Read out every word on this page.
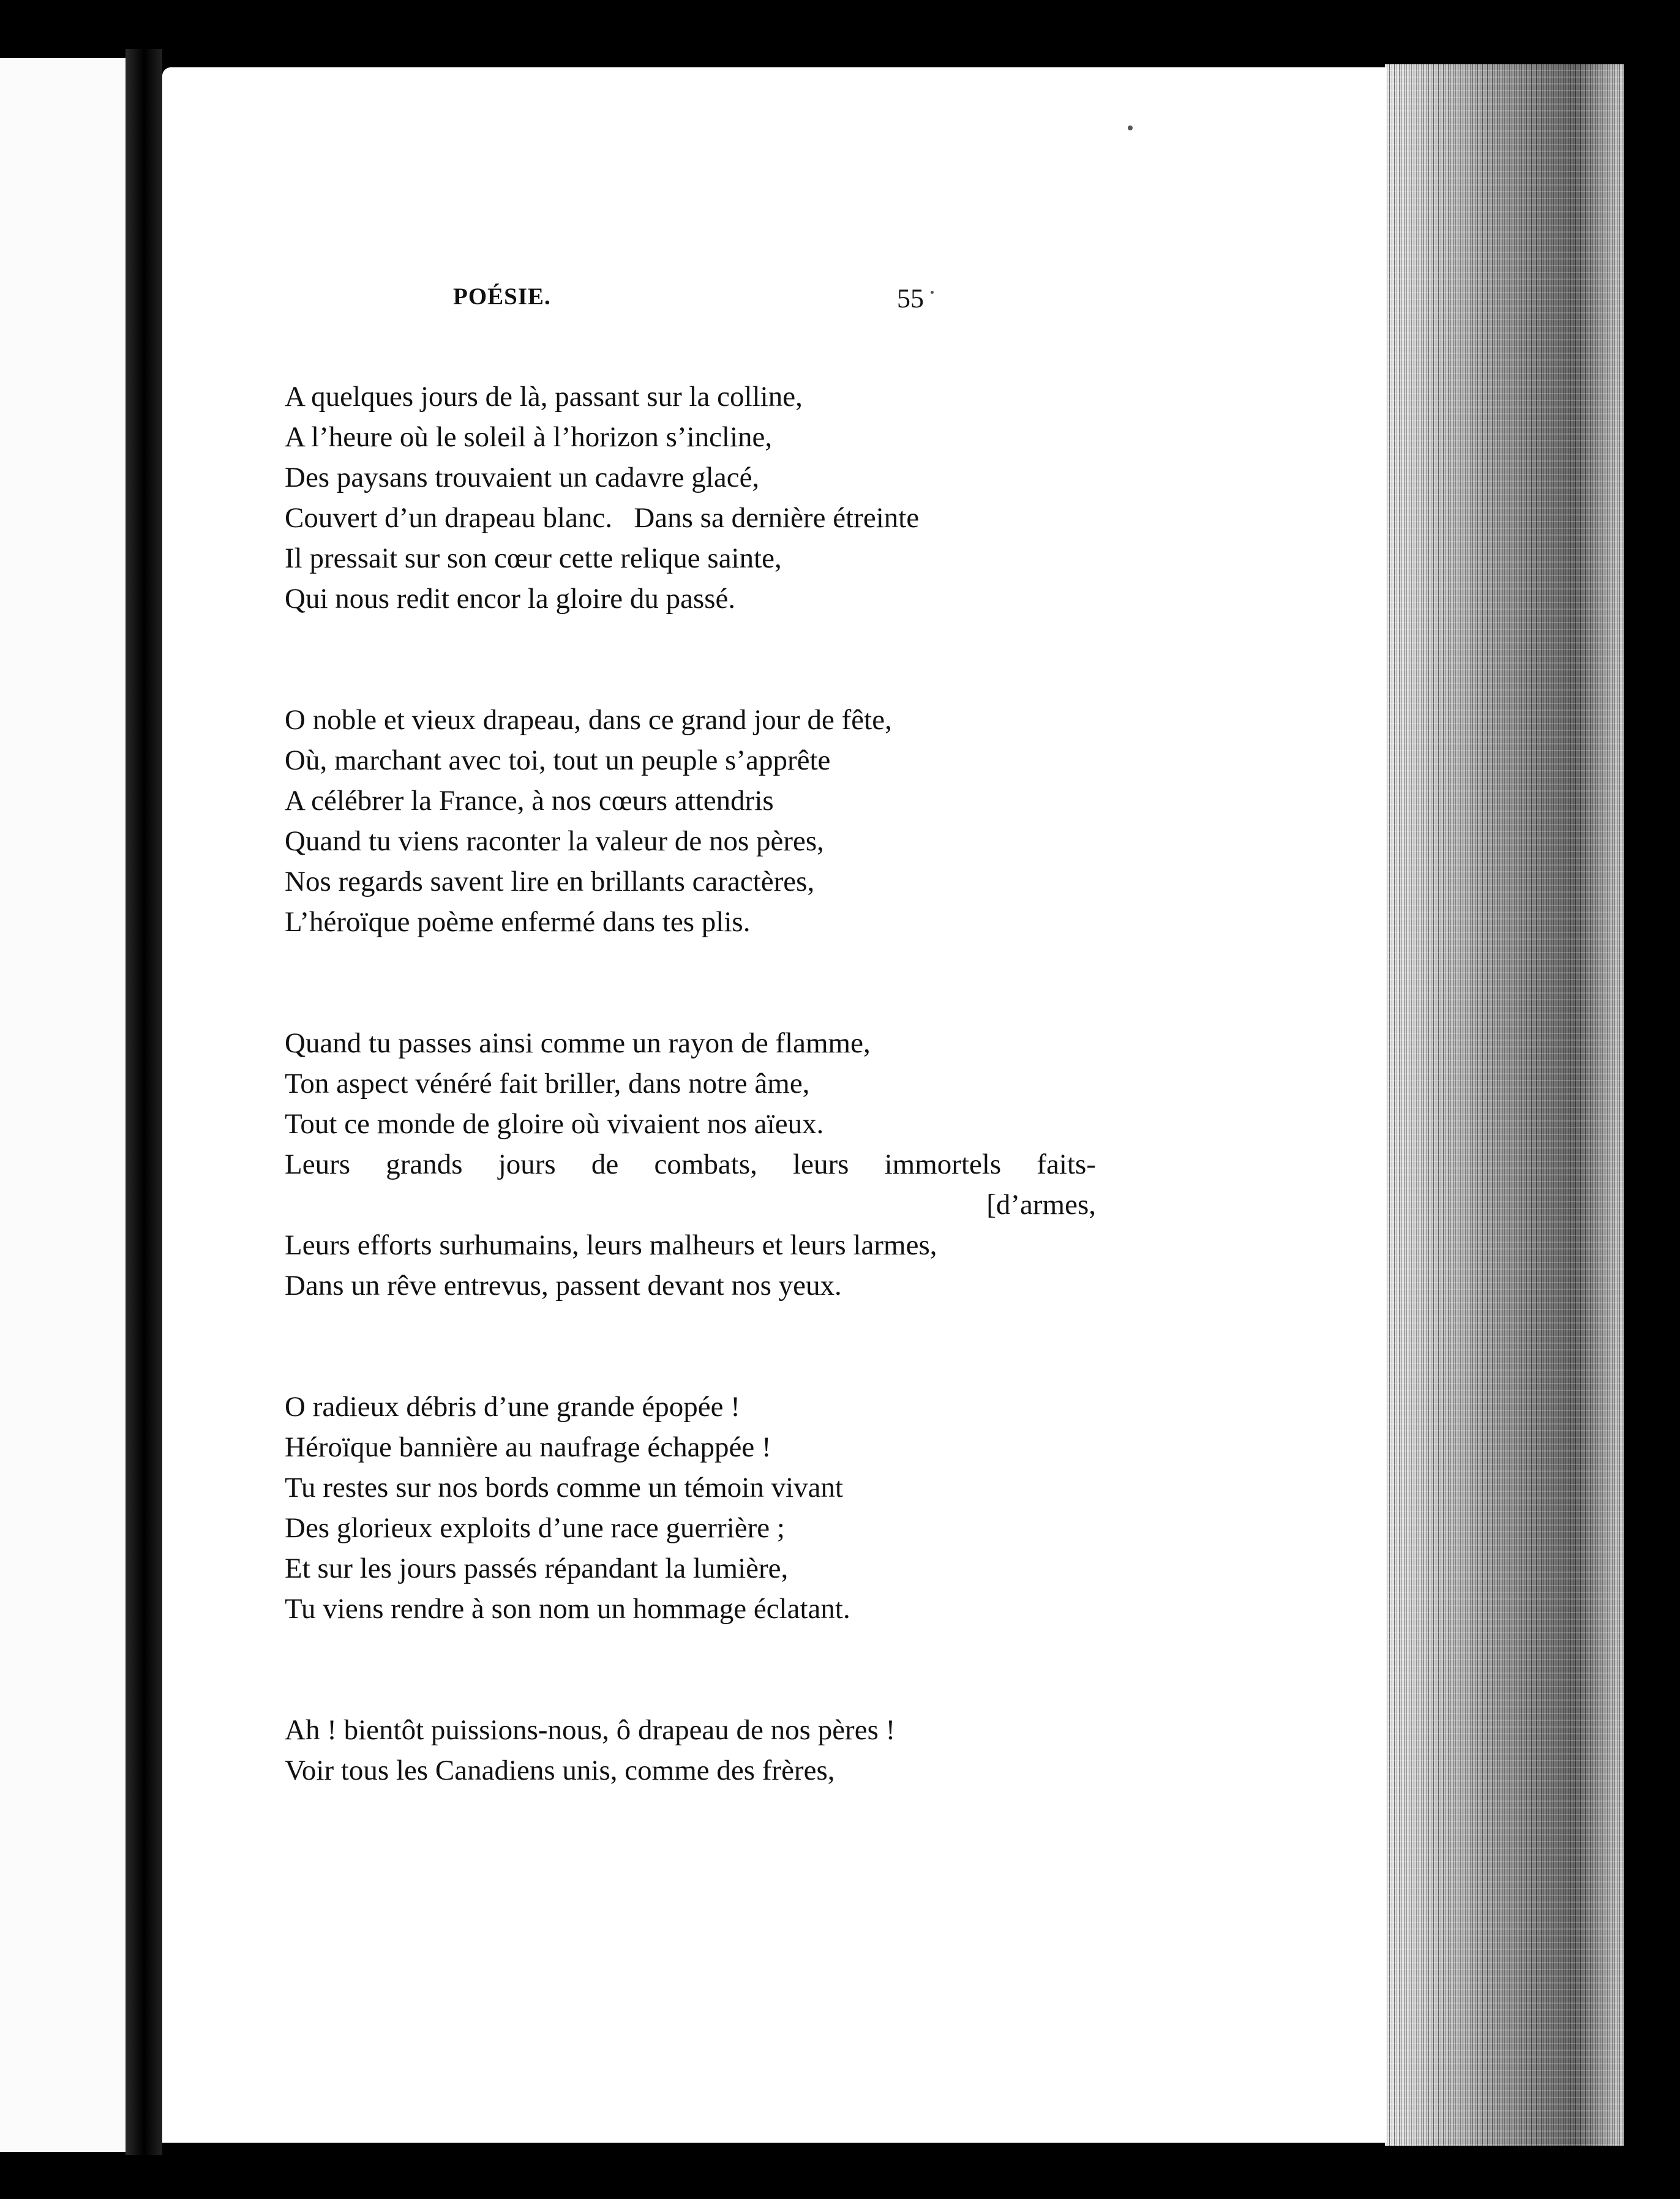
POÉSIE.	55
A quelques jours de là, passant sur la colline,
A l’heure où le soleil à l’horizon s’incline,
Des paysans trouvaient un cadavre glacé,
Couvert d’un drapeau blanc.   Dans sa dernière étreinte
Il pressait sur son cœur cette relique sainte,
Qui nous redit encor la gloire du passé.
O noble et vieux drapeau, dans ce grand jour de fête,
Où, marchant avec toi, tout un peuple s’apprête
A célébrer la France, à nos cœurs attendris
Quand tu viens raconter la valeur de nos pères,
Nos regards savent lire en brillants caractères,
L’héroïque poème enfermé dans tes plis.
Quand tu passes ainsi comme un rayon de flamme,
Ton aspect vénéré fait briller, dans notre âme,
Tout ce monde de gloire où vivaient nos aïeux.
Leurs grands jours de combats, leurs immortels faits-
[d’armes,
Leurs efforts surhumains, leurs malheurs et leurs larmes,
Dans un rêve entrevus, passent devant nos yeux.
O radieux débris d’une grande épopée !
Héroïque bannière au naufrage échappée !
Tu restes sur nos bords comme un témoin vivant
Des glorieux exploits d’une race guerrière ;
Et sur les jours passés répandant la lumière,
Tu viens rendre à son nom un hommage éclatant.
Ah ! bientôt puissions-nous, ô drapeau de nos pères !
Voir tous les Canadiens unis, comme des frères,
